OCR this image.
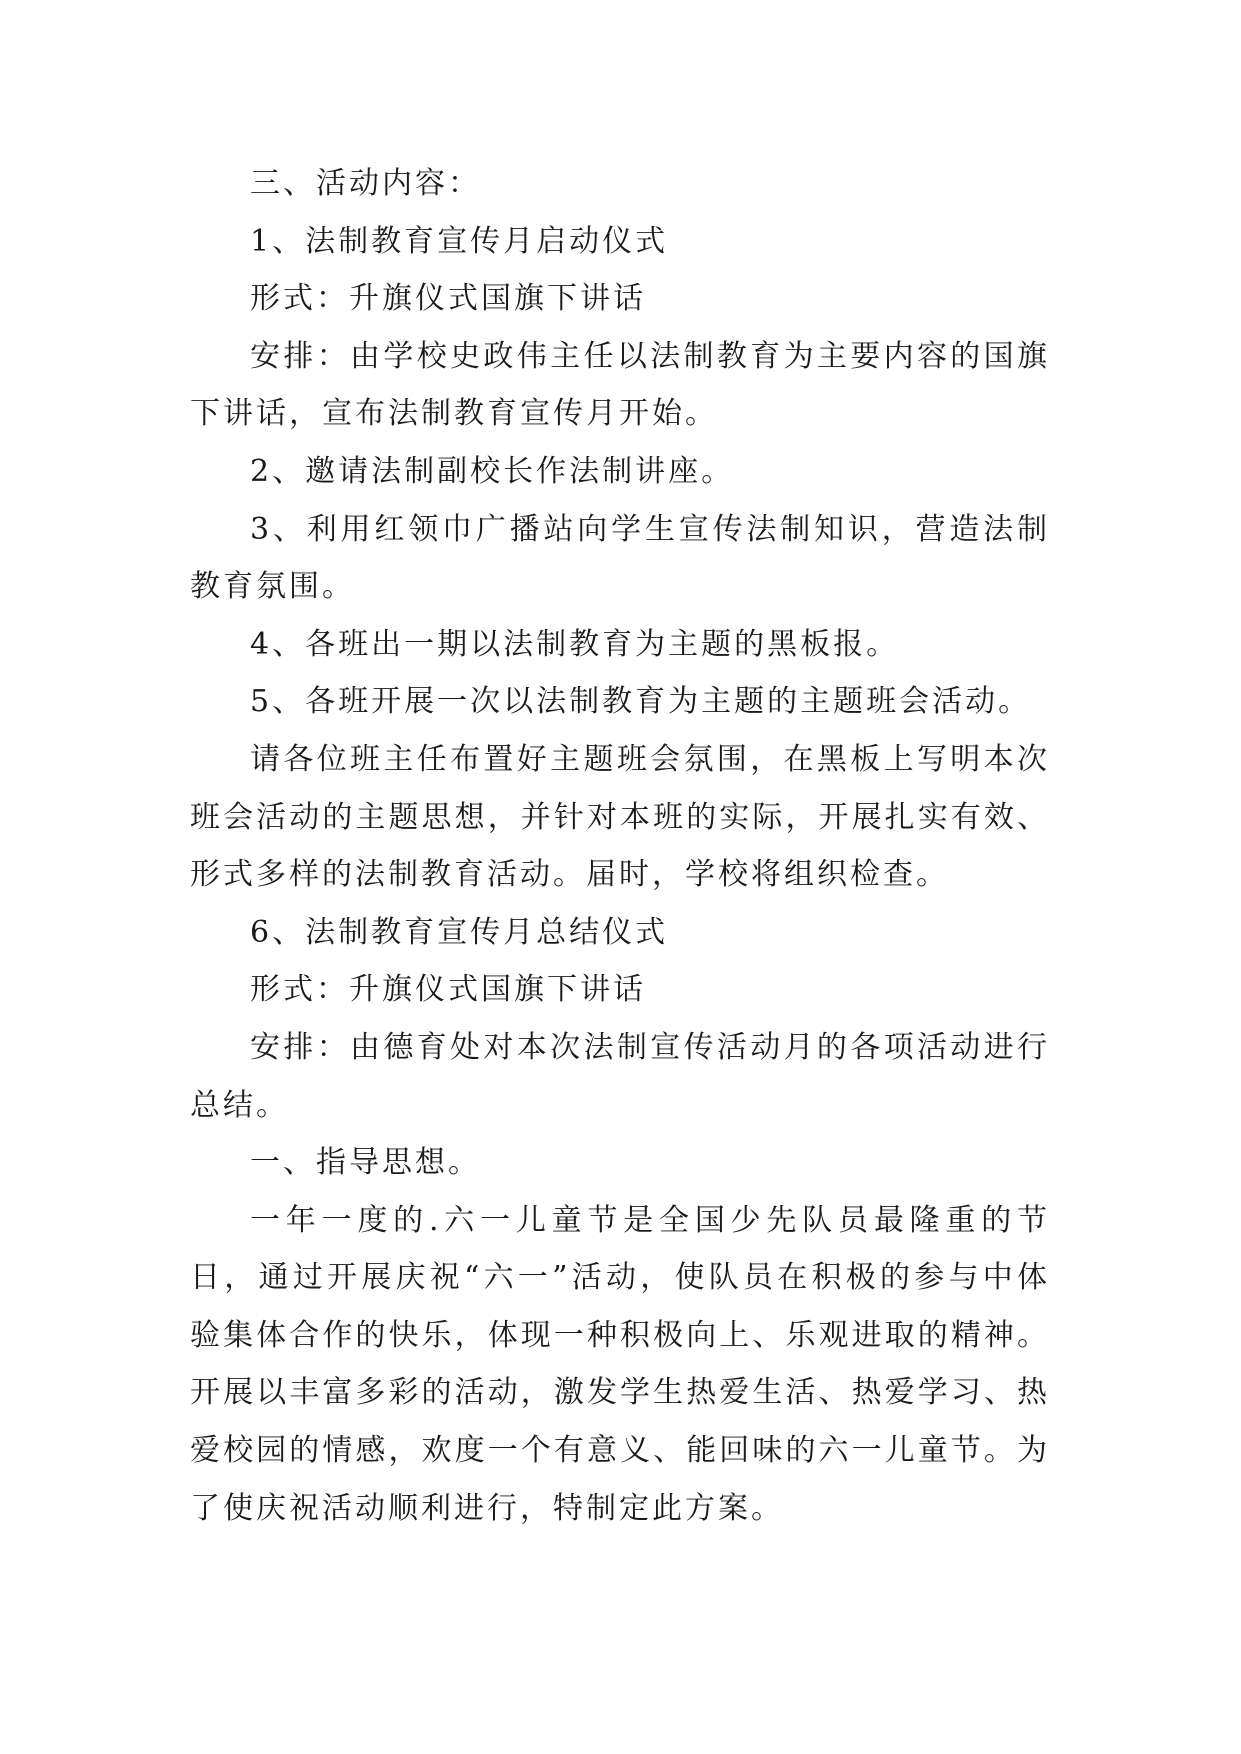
三、活动内容：

1、法制教育宣传月启动仪式

形式：升旗仪式国旗下讲话

安排：由学校史政伟主任以法制教育为主要内容的国旗下讲话，宣布法制教育宣传月开始。

2、邀请法制副校长作法制讲座。

3、利用红领巾广播站向学生宣传法制知识，营造法制教育氛围。

4、各班出一期以法制教育为主题的黑板报。

5、各班开展一次以法制教育为主题的主题班会活动。

请各位班主任布置好主题班会氛围，在黑板上写明本次班会活动的主题思想，并针对本班的实际，开展扎实有效、形式多样的法制教育活动。届时，学校将组织检查。

6、法制教育宣传月总结仪式

形式：升旗仪式国旗下讲话

安排：由德育处对本次法制宣传活动月的各项活动进行总结。

一、指导思想。

一年一度的.六一儿童节是全国少先队员最隆重的节日，通过开展庆祝“六一”活动，使队员在积极的参与中体验集体合作的快乐，体现一种积极向上、乐观进取的精神。开展以丰富多彩的活动，激发学生热爱生活、热爱学习、热爱校园的情感，欢度一个有意义、能回味的六一儿童节。为了使庆祝活动顺利进行，特制定此方案。
